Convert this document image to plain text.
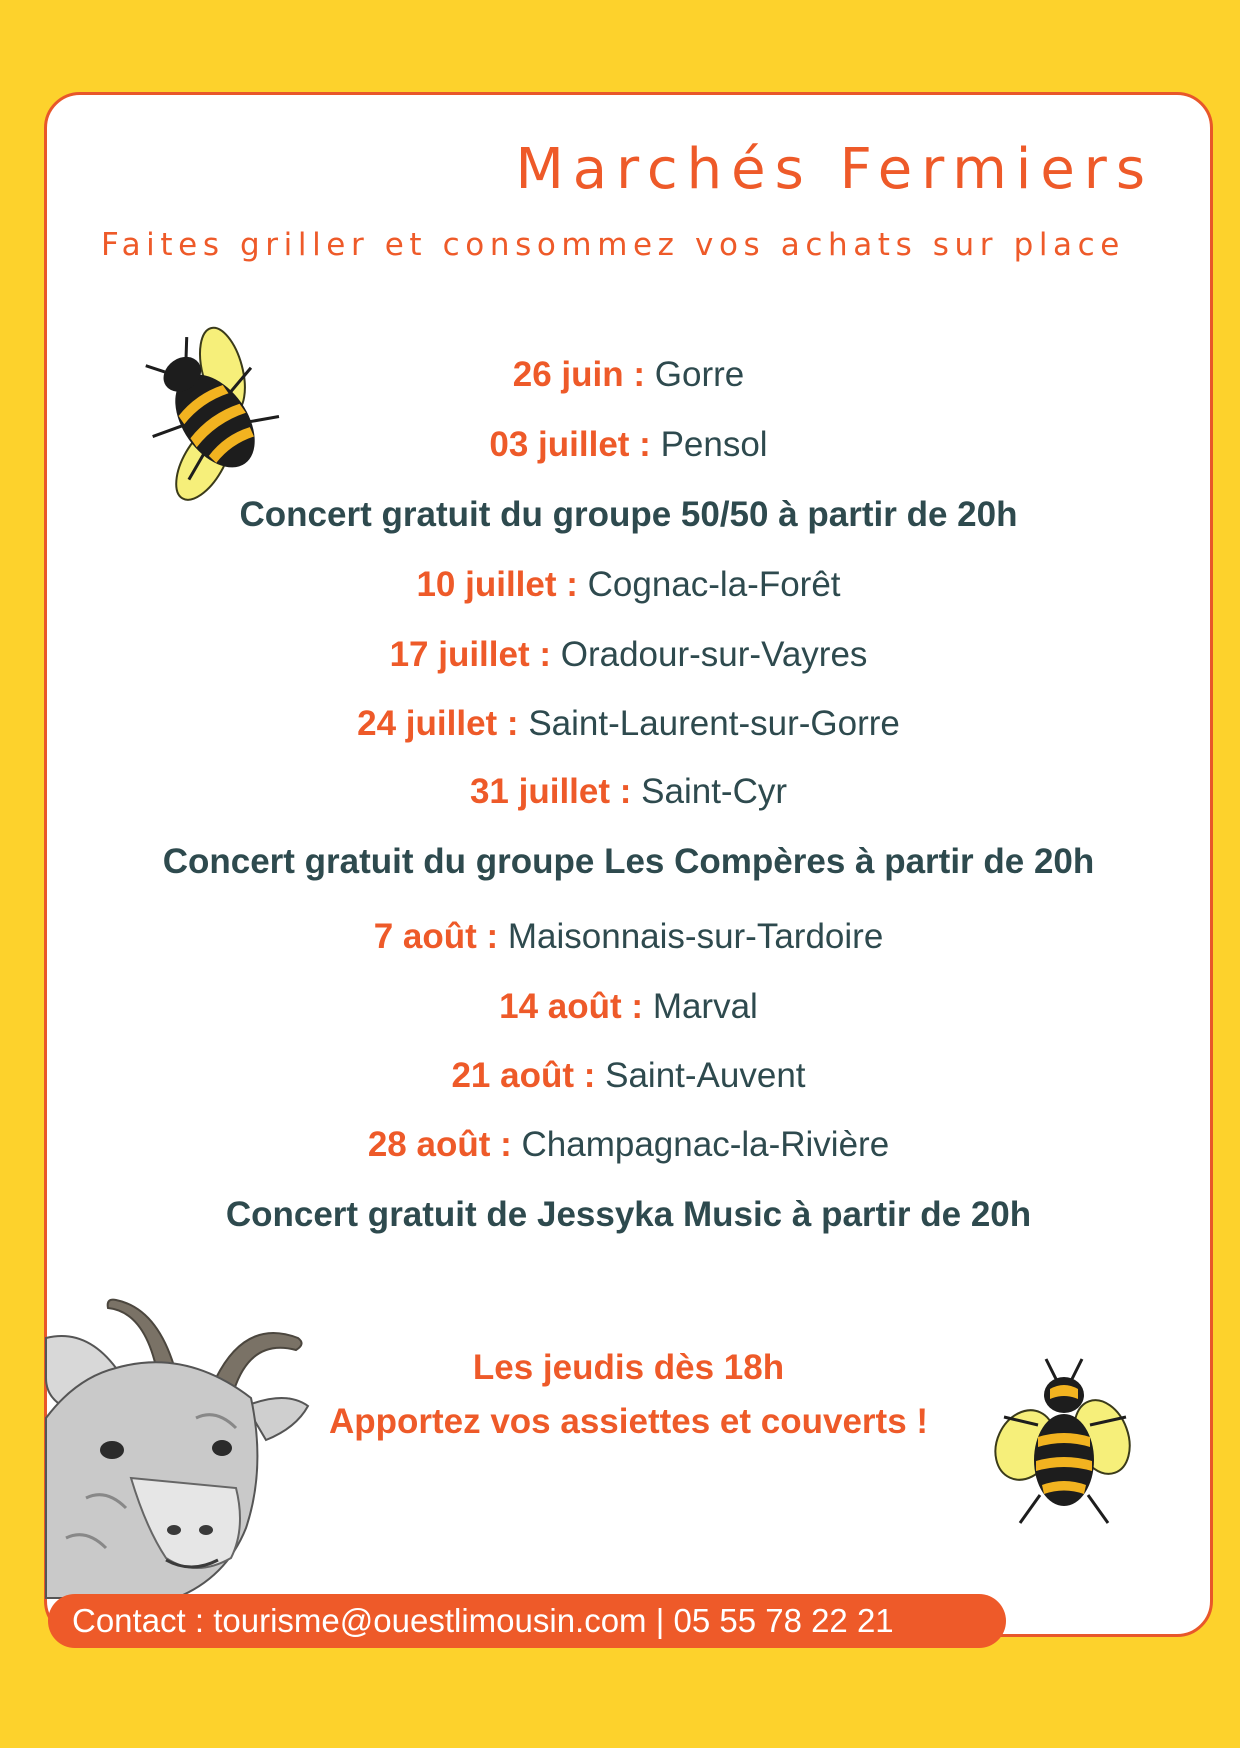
Marchés Fermiers

Faites griller et consommez vos achats sur place

26 juin : Gorre
03 juillet : Pensol
Concert gratuit du groupe 50/50 à partir de 20h
10 juillet : Cognac-la-Forêt
17 juillet : Oradour-sur-Vayres
24 juillet : Saint-Laurent-sur-Gorre
31 juillet : Saint-Cyr
Concert gratuit du groupe Les Compères à partir de 20h
7 août : Maisonnais-sur-Tardoire
14 août : Marval
21 août : Saint-Auvent
28 août : Champagnac-la-Rivière
Concert gratuit de Jessyka Music à partir de 20h
Les jeudis dès 18h
Apportez vos assiettes et couverts !
Contact : tourisme@ouestlimousin.com | 05 55 78 22 21
